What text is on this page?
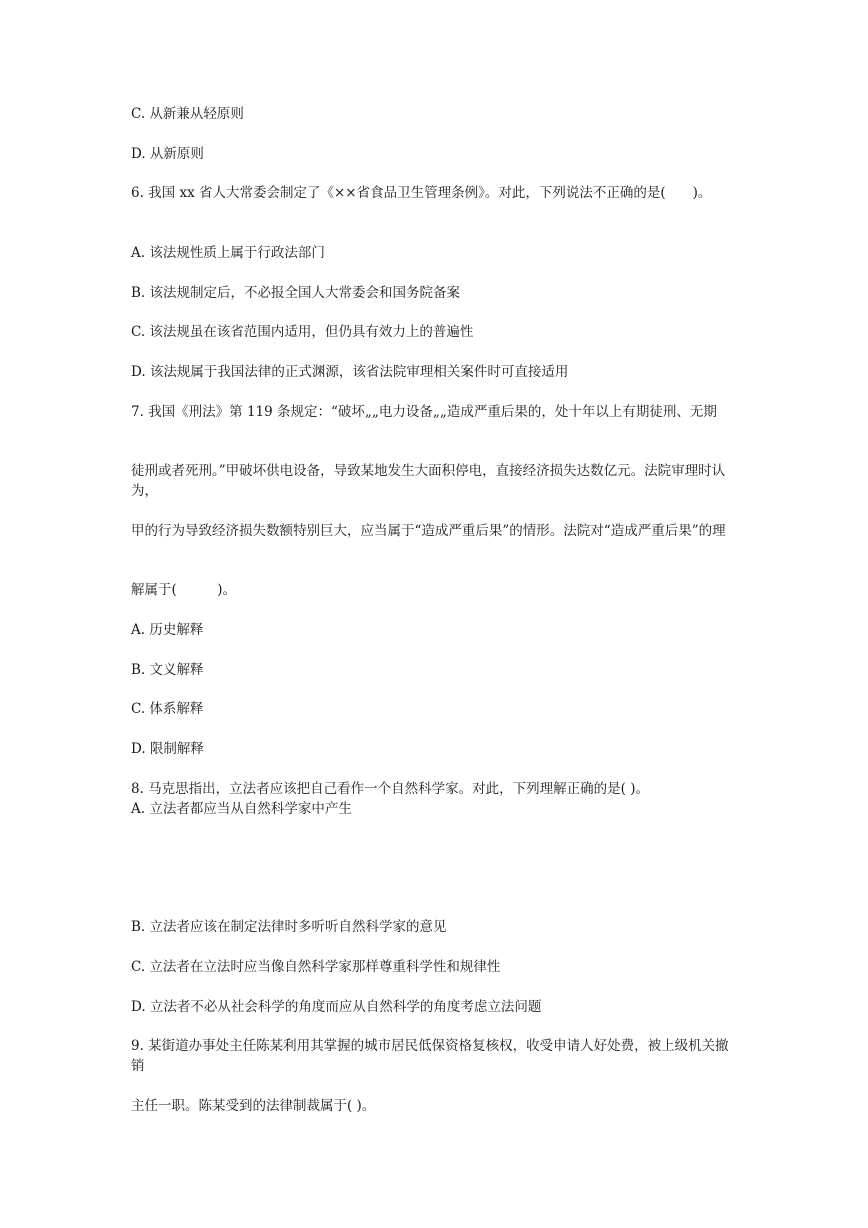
C. 从新兼从轻原则
D. 从新原则
6. 我国 xx 省人大常委会制定了《××省食品卫生管理条例》。对此，下列说法不正确的是(　　)。
A. 该法规性质上属于行政法部门
B. 该法规制定后，不必报全国人大常委会和国务院备案
C. 该法规虽在该省范围内适用，但仍具有效力上的普遍性
D. 该法规属于我国法律的正式渊源，该省法院审理相关案件时可直接适用
7. 我国《刑法》第 119 条规定：“破坏„„电力设备„„造成严重后果的，处十年以上有期徒刑、无期
徒刑或者死刑。”甲破坏供电设备，导致某地发生大面积停电，直接经济损失达数亿元。法院审理时认为，
甲的行为导致经济损失数额特别巨大，应当属于“造成严重后果”的情形。法院对“造成严重后果”的理
解属于(　　　)。
A. 历史解释
B. 文义解释
C. 体系解释
D. 限制解释
8. 马克思指出，立法者应该把自己看作一个自然科学家。对此，下列理解正确的是( )。
A. 立法者都应当从自然科学家中产生
B. 立法者应该在制定法律时多听听自然科学家的意见
C. 立法者在立法时应当像自然科学家那样尊重科学性和规律性
D. 立法者不必从社会科学的角度而应从自然科学的角度考虑立法问题
9. 某街道办事处主任陈某利用其掌握的城市居民低保资格复核权，收受申请人好处费，被上级机关撤销
主任一职。陈某受到的法律制裁属于( )。
